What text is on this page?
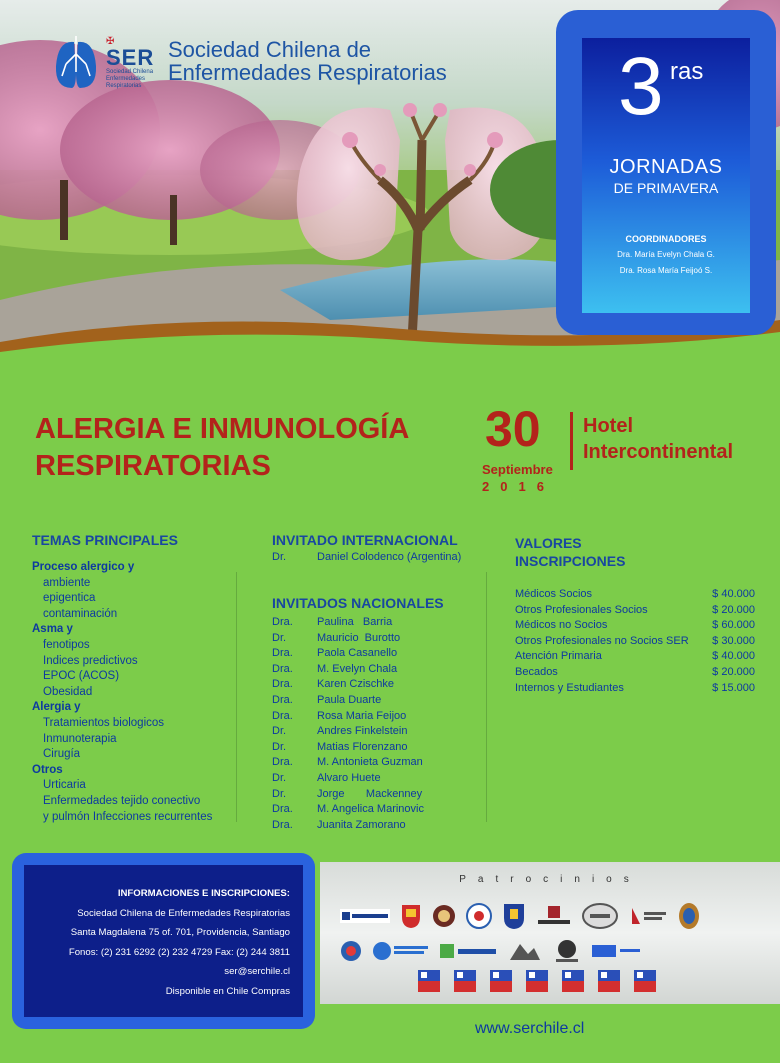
✠
SER
Sociedad Chilena Enfermedades Respiratorias
Sociedad Chilena de
Enfermedades Respiratorias 3 ras
JORNADAS
DE PRIMAVERA
COORDINADORES
Dra. María Evelyn Chala G.
Dra. Rosa María Feijoó S.
ALERGIA E INMUNOLOGÍA
RESPIRATORIAS
30
Septiembre
2016
Hotel
Intercontinental
TEMAS PRINCIPALES
Proceso alergico y
ambiente
epigentica
contaminación
Asma y
fenotipos
Indices predictivos
EPOC (ACOS)
Obesidad
Alergia y
Tratamientos biologicos
Inmunoterapia
Cirugía
Otros
Urticaria
Enfermedades tejido conectivo
y pulmón Infecciones recurrentes
INVITADO INTERNACIONAL
Dr.	Daniel Colodenco (Argentina)
INVITADOS NACIONALES
Dra.	Paulina   Barria
Dr.	Mauricio  Burotto
Dra.	Paola Casanello
Dra.	M. Evelyn Chala
Dra.	Karen Czischke
Dra.	Paula Duarte
Dra.	Rosa Maria Feijoo
Dr.	Andres Finkelstein
Dr.	Matias Florenzano
Dra.	M. Antonieta Guzman
Dr.	Alvaro Huete
Dr.	Jorge       Mackenney
Dra.	M. Angelica Marinovic
Dra.	Juanita Zamorano
VALORES
INSCRIPCIONES
Médicos Socios	$ 40.000
Otros Profesionales Socios	$ 20.000
Médicos no Socios	$ 60.000
Otros Profesionales no Socios SER $ 30.000
Atención Primaria	$ 40.000
Becados	$ 20.000
Internos y Estudiantes	$ 15.000
INFORMACIONES E INSCRIPCIONES:
Sociedad Chilena de Enfermedades Respiratorias
Santa Magdalena 75 of. 701, Providencia, Santiago
Fonos: (2) 231 6292 (2) 232 4729 Fax: (2) 244 3811
ser@serchile.cl
Disponible en Chile Compras
Patrocinios
www.serchile.cl
